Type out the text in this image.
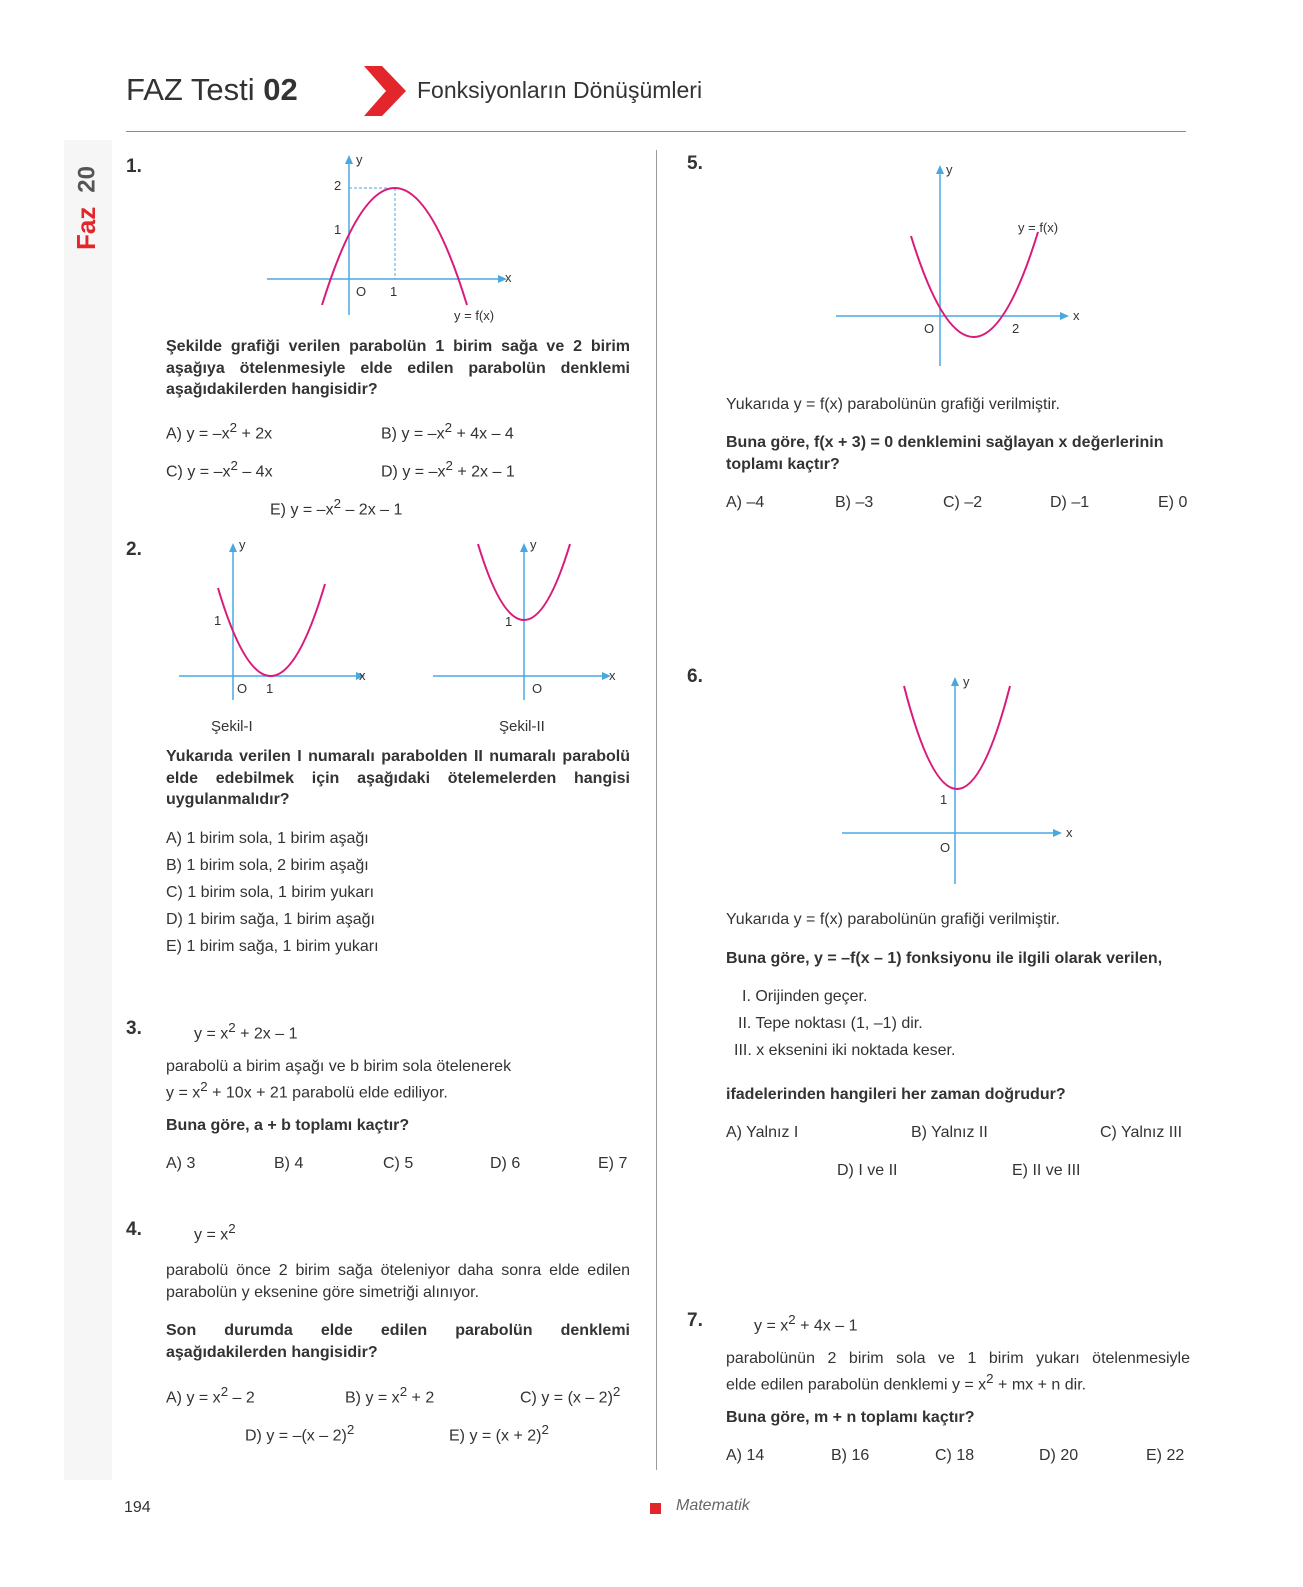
20
Faz
FAZ Testi 02	Fonksiyonların Dönüşümleri
1.	y
x
O 1
1
2
y = f(x)
Şekilde grafiği verilen parabolün 1 birim sağa ve 2 birim aşağıya ötelenmesiyle elde edilen parabolün denklemi aşağıdakilerden hangisidir?
A) $y = -x^2 + 2x$	B) $y = -x^2 + 4x - 4$
C) $y = -x^2 - 4x$	D) $y = -x^2 + 2x - 1$
E) $y = -x^2 - 2x - 1$
2.	y
x
O 1
1
Şekil-I
y
x
O
1
Şekil-II
Yukarıda verilen I numaralı parabolden II numaralı parabolü elde edebilmek için aşağıdaki ötelemelerden hangisi uygulanmalıdır?
A) 1 birim sola, 1 birim aşağı
B) 1 birim sola, 2 birim aşağı
C) 1 birim sola, 1 birim yukarı
D) 1 birim sağa, 1 birim aşağı
E) 1 birim sağa, 1 birim yukarı
3.	$y = x^2 + 2x - 1$
parabolü a birim aşağı ve b birim sola ötelenerek
$y = x^2 + 10x + 21$ parabolü elde ediliyor.
Buna göre, a + b toplamı kaçtır?
A) 3	B) 4	C) 5	D) 6	E) 7
4.	$y = x^2$
parabolü önce 2 birim sağa öteleniyor daha sonra elde edilen parabolün y eksenine göre simetriği alınıyor.
Son durumda elde edilen parabolün denklemi aşağıdakilerden hangisidir?
A) $y = x^2 - 2$	B) $y = x^2 + 2$	C) y = (x – 2)$^2$
D) y = –(x – 2)$^2$	E) $y = (x + 2)^2$
5.	y
x
O	2
y = f(x)
Yukarıda y = f(x) parabolünün grafiği verilmiştir.
Buna göre, f(x + 3) = 0 denklemini sağlayan x değerlerinin toplamı kaçtır?
A) –4	B) –3	C) –2	D) –1	E) 0
6.	y
x
O
1
Yukarıda y = f(x) parabolünün grafiği verilmiştir.
Buna göre, y = –f(x – 1) fonksiyonu ile ilgili olarak verilen,
I. Orijinden geçer.
II. Tepe noktası (1, –1) dir.
III. x eksenini iki noktada keser.
ifadelerinden hangileri her zaman doğrudur?
A) Yalnız I	B) Yalnız II	C) Yalnız III
D) I ve II	E) II ve III
7.	$y = x^2 + 4x - 1$
parabolünün 2 birim sola ve 1 birim yukarı ötelenmesiyle
elde edilen parabolün denklemi $y = x^2$ + mx + n dir.
Buna göre, m + n toplamı kaçtır?
A) 14	B) 16	C) 18	D) 20	E) 22
194	Matematik
